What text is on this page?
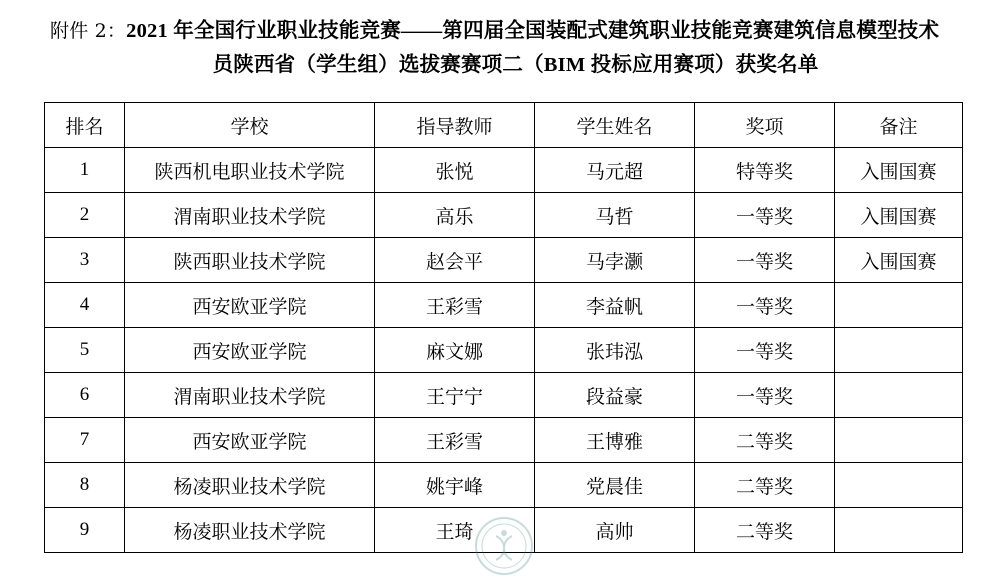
附件 2：2021 年全国行业职业技能竞赛——第四届全国装配式建筑职业技能竞赛建筑信息模型技术
员陕西省（学生组）选拔赛赛项二（BIM 投标应用赛项）获奖名单
排名	学校	指导教师	学生姓名	奖项	备注
1	陕西机电职业技术学院	张悦	马元超	特等奖	入围国赛
2	渭南职业技术学院	高乐	马哲	一等奖	入围国赛
3	陕西职业技术学院	赵会平	马孛灏	一等奖	入围国赛
4	西安欧亚学院	王彩雪	李益帆	一等奖	
5	西安欧亚学院	麻文娜	张玮泓	一等奖	
6	渭南职业技术学院	王宁宁	段益豪	一等奖	
7	西安欧亚学院	王彩雪	王博雅	二等奖	
8	杨凌职业技术学院	姚宇峰	党晨佳	二等奖	
9	杨凌职业技术学院	王琦	高帅	二等奖	
